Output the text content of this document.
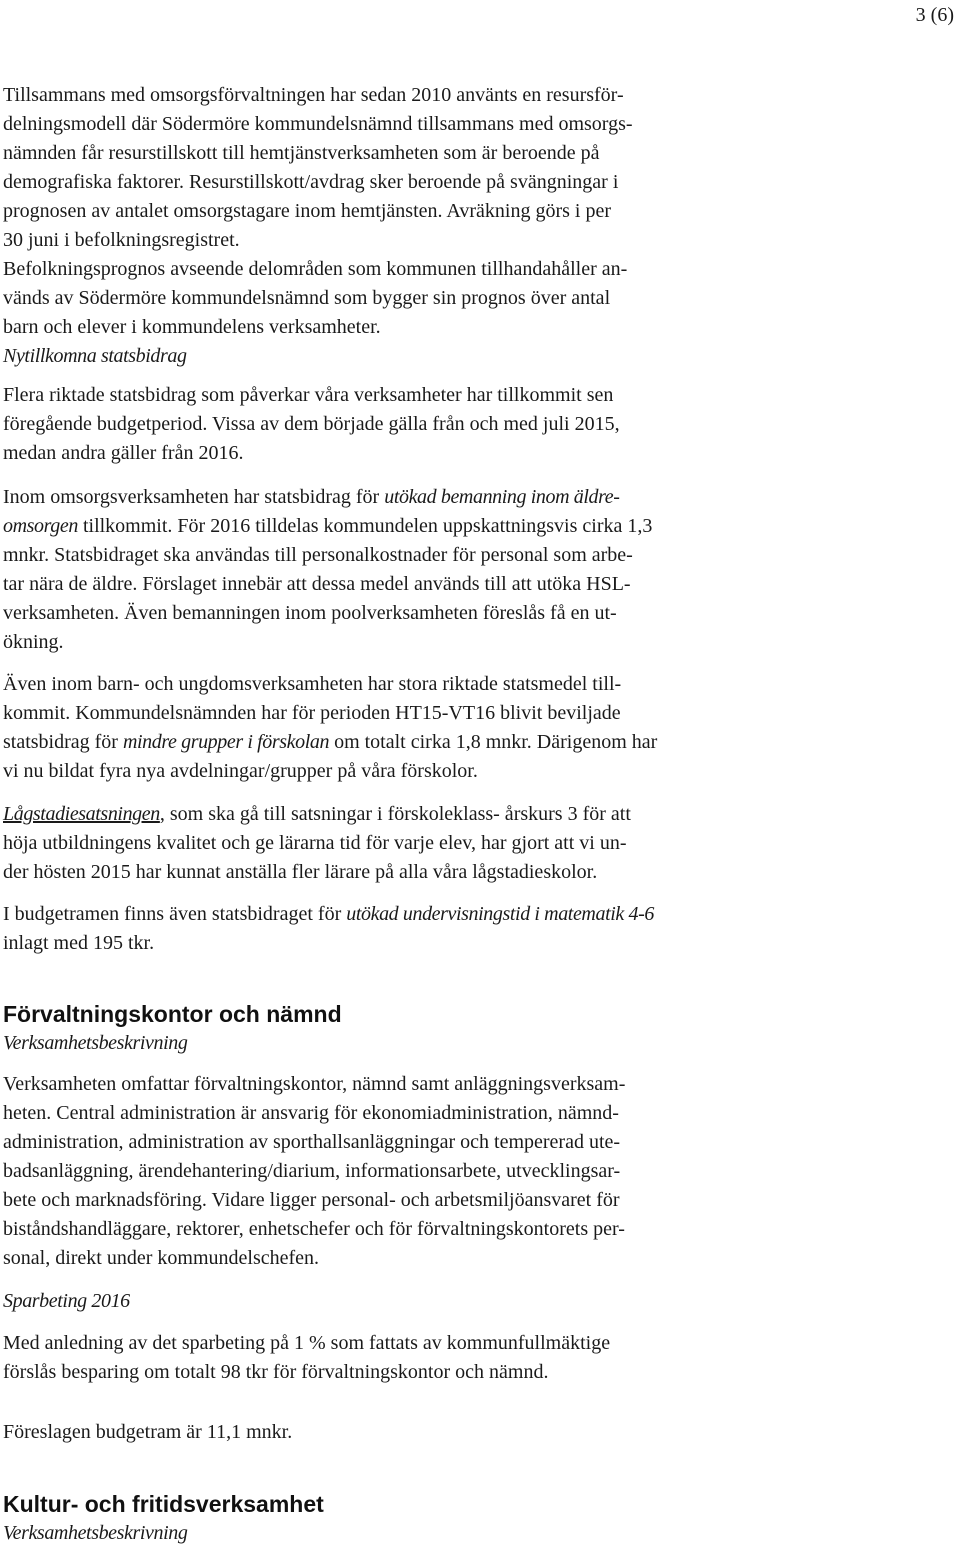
3 (6)

Tillsammans med omsorgsförvaltningen har sedan 2010 använts en resursför-
delningsmodell där Södermöre kommundelsnämnd tillsammans med omsorgs-
nämnden får resurstillskott till hemtjänstverksamheten som är beroende på
demografiska faktorer. Resurstillskott/avdrag sker beroende på svängningar i
prognosen av antalet omsorgstagare inom hemtjänsten. Avräkning görs i per
30 juni i befolkningsregistret.

Befolkningsprognos avseende delområden som kommunen tillhandahåller an-
vänds av Södermöre kommundelsnämnd som bygger sin prognos över antal
barn och elever i kommundelens verksamheter.

Nytillkomna statsbidrag

Flera riktade statsbidrag som påverkar våra verksamheter har tillkommit sen
föregående budgetperiod. Vissa av dem började gälla från och med juli 2015,
medan andra gäller från 2016.

Inom omsorgsverksamheten har statsbidrag för utökad bemanning inom äldre-
omsorgen tillkommit. För 2016 tilldelas kommundelen uppskattningsvis cirka 1,3
mnkr. Statsbidraget ska användas till personalkostnader för personal som arbe-
tar nära de äldre. Förslaget innebär att dessa medel används till att utöka HSL-
verksamheten. Även bemanningen inom poolverksamheten föreslås få en ut-
ökning.

Även inom barn- och ungdomsverksamheten har stora riktade statsmedel till-
kommit. Kommundelsnämnden har för perioden HT15-VT16 blivit beviljade
statsbidrag för mindre grupper i förskolan om totalt cirka 1,8 mnkr. Därigenom har
vi nu bildat fyra nya avdelningar/grupper på våra förskolor.

Lågstadiesatsningen, som ska gå till satsningar i förskoleklass- årskurs 3 för att
höja utbildningens kvalitet och ge lärarna tid för varje elev, har gjort att vi un-
der hösten 2015 har kunnat anställa fler lärare på alla våra lågstadieskolor.

I budgetramen finns även statsbidraget för utökad undervisningstid i matematik 4-6
inlagt med 195 tkr.

Förvaltningskontor och nämnd

Verksamhetsbeskrivning

Verksamheten omfattar förvaltningskontor, nämnd samt anläggningsverksam-
heten. Central administration är ansvarig för ekonomiadministration, nämnd-
administration, administration av sporthallsanläggningar och tempererad ute-
badsanläggning, ärendehantering/diarium, informationsarbete, utvecklingsar-
bete och marknadsföring. Vidare ligger personal- och arbetsmiljöansvaret för
biståndshandläggare, rektorer, enhetschefer och för förvaltningskontorets per-
sonal, direkt under kommundelschefen.

Sparbeting 2016

Med anledning av det sparbeting på 1 % som fattats av kommunfullmäktige
förslås besparing om totalt 98 tkr för förvaltningskontor och nämnd.

Föreslagen budgetram är 11,1 mnkr.

Kultur- och fritidsverksamhet

Verksamhetsbeskrivning
